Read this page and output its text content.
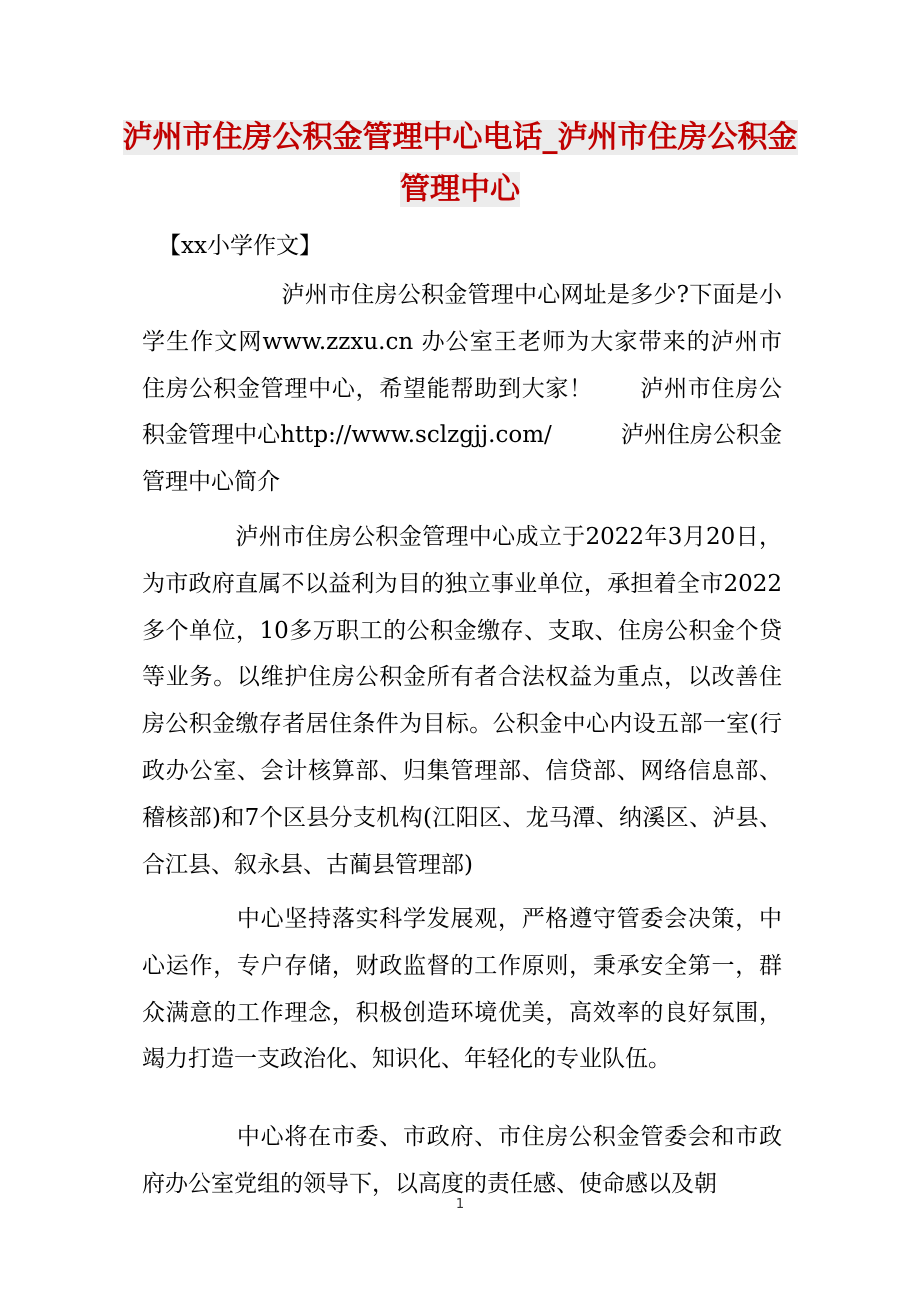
泸州市住房公积金管理中心电话_泸州市住房公积金
管理中心
【xx小学作文】
　　　　　　泸州市住房公积金管理中心网址是多少?下面是小学生作文网www.zzxu.cn 办公室王老师为大家带来的泸州市住房公积金管理中心，希望能帮助到大家！　　泸州市住房公积金管理中心http://www.sclzgjj.com/　　　泸州住房公积金管理中心简介
　　　　泸州市住房公积金管理中心成立于2022年3月20日，为市政府直属不以益利为目的独立事业单位，承担着全市2022多个单位，10多万职工的公积金缴存、支取、住房公积金个贷等业务。以维护住房公积金所有者合法权益为重点，以改善住房公积金缴存者居住条件为目标。公积金中心内设五部一室(行政办公室、会计核算部、归集管理部、信贷部、网络信息部、稽核部)和7个区县分支机构(江阳区、龙马潭、纳溪区、泸县、合江县、叙永县、古蔺县管理部)
　　　　中心坚持落实科学发展观，严格遵守管委会决策，中心运作，专户存储，财政监督的工作原则，秉承安全第一，群众满意的工作理念，积极创造环境优美，高效率的良好氛围，竭力打造一支政治化、知识化、年轻化的专业队伍。
　　　　中心将在市委、市政府、市住房公积金管委会和市政府办公室党组的领导下，以高度的责任感、使命感以及朝
1
